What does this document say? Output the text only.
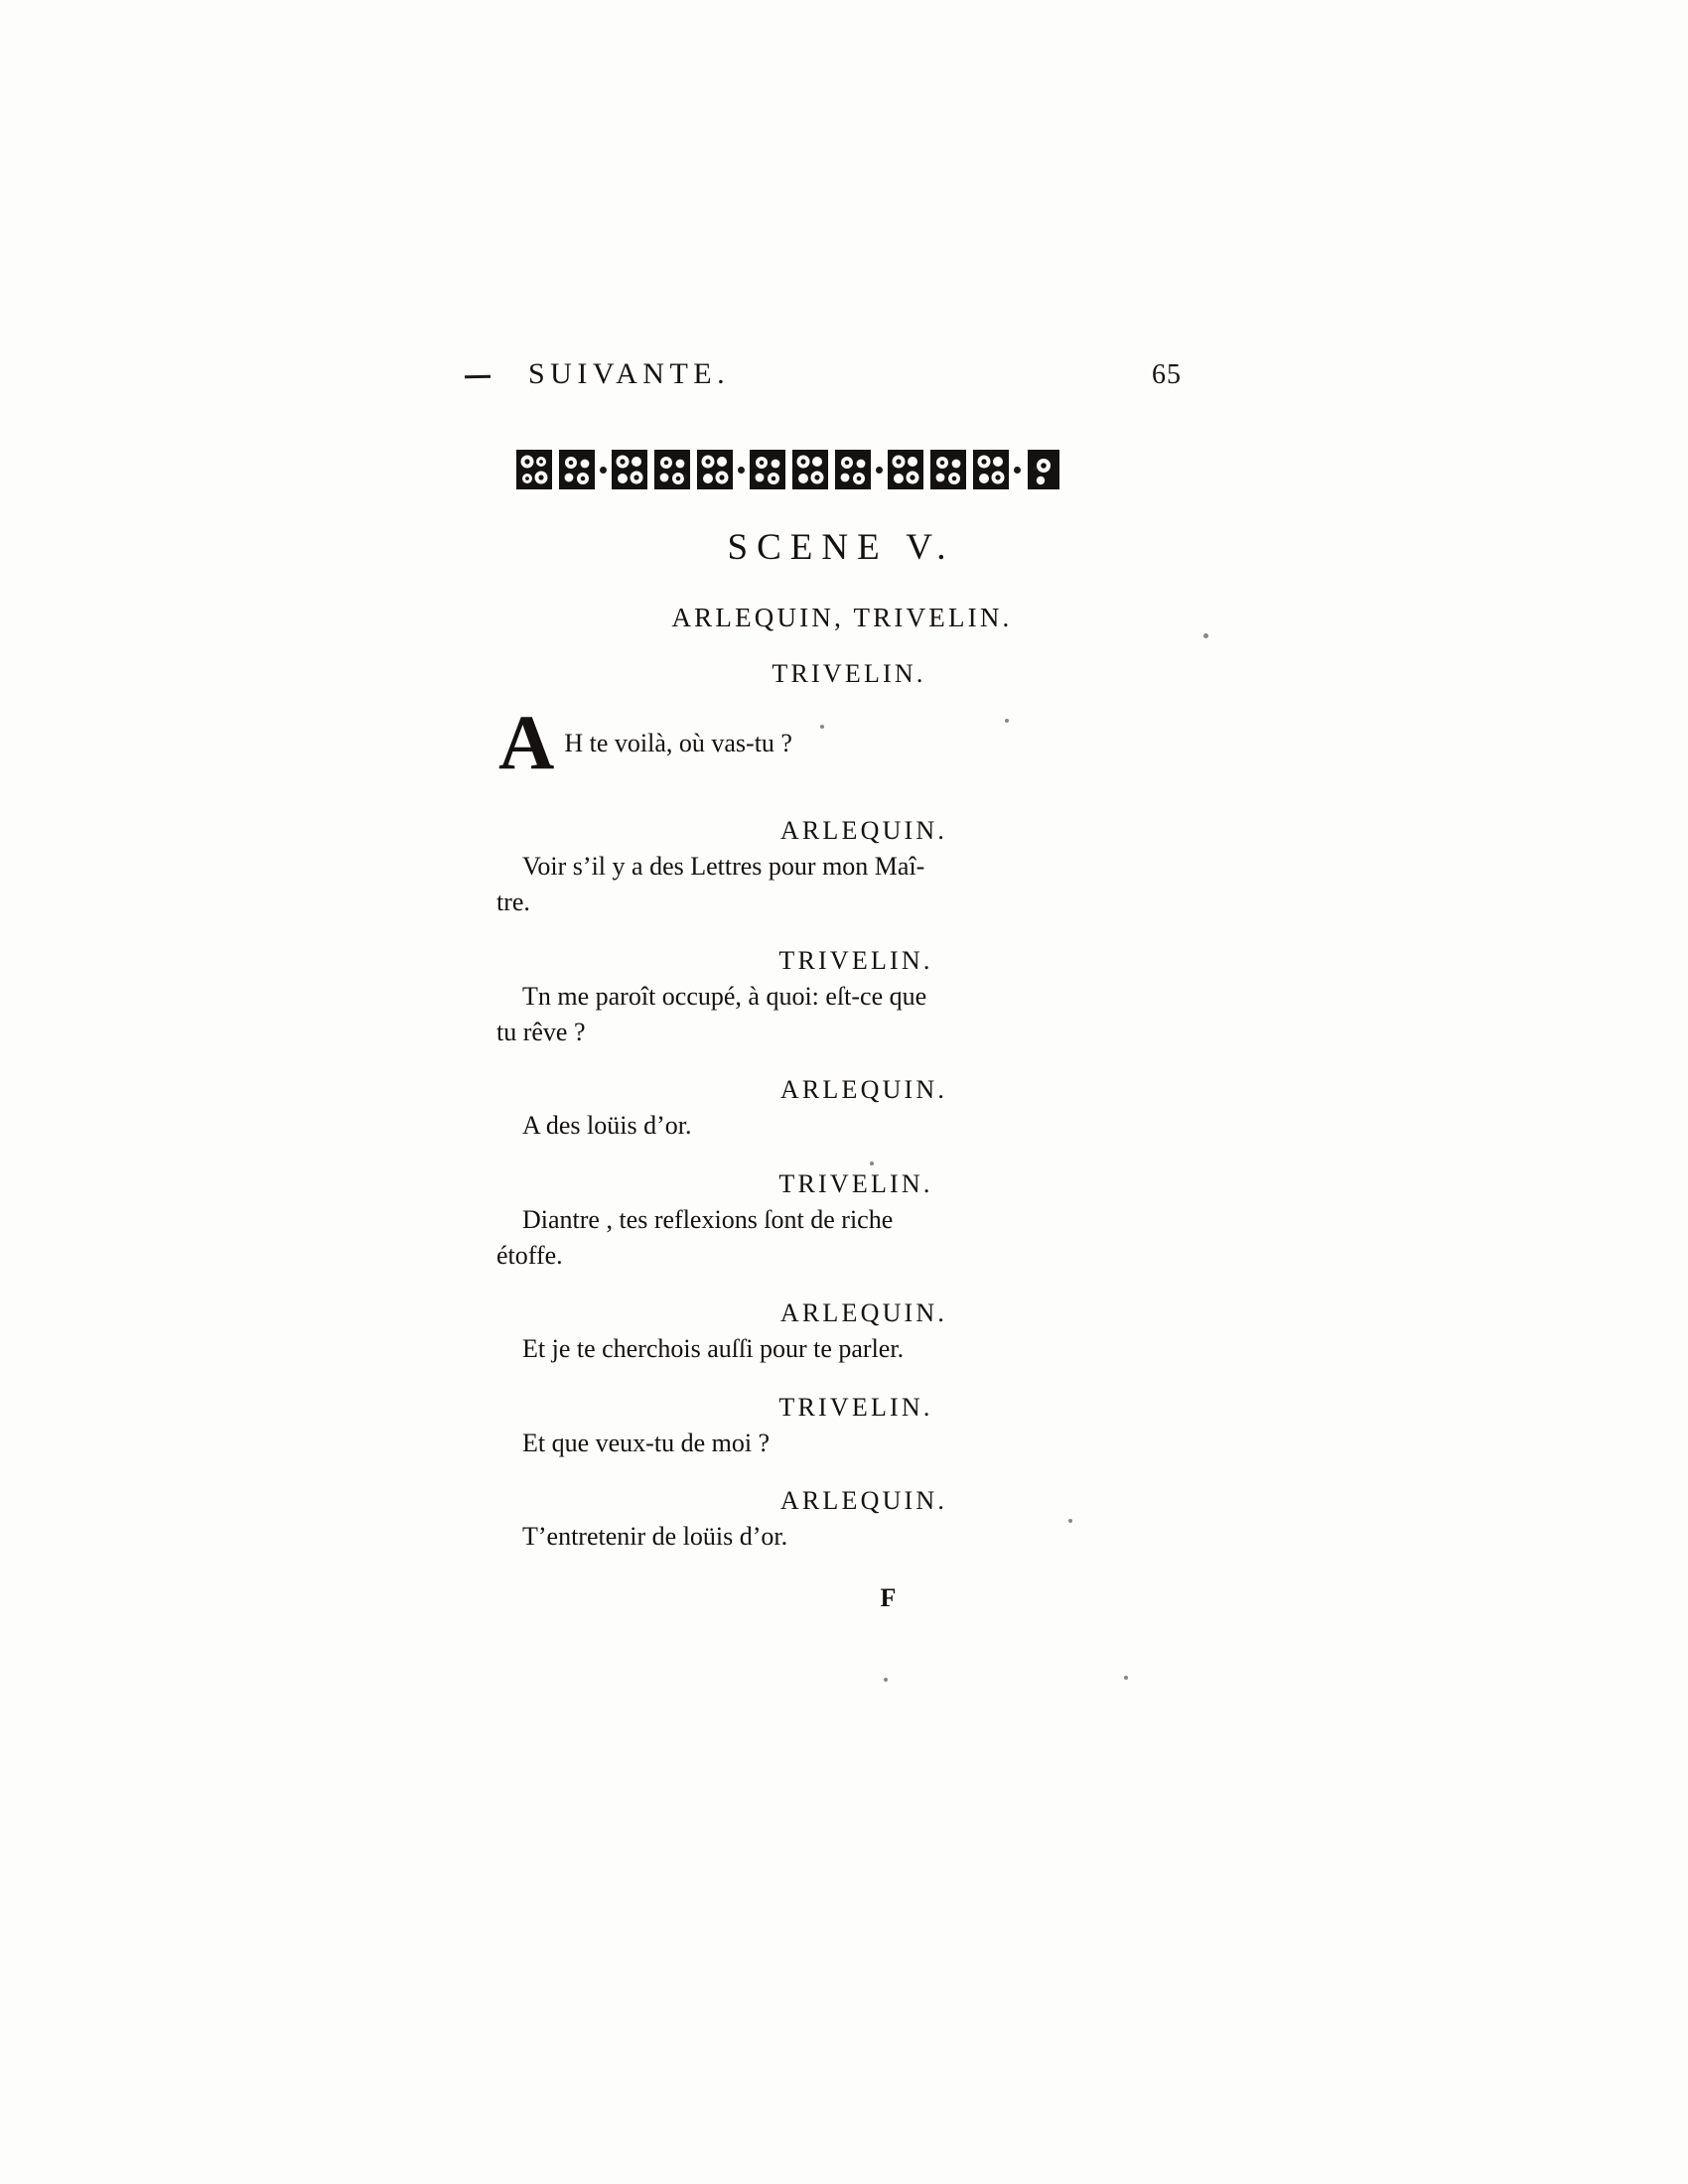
SUIVANTE.	65
SCENE V.
ARLEQUIN, TRIVELIN.
TRIVELIN.
A H te voilà, où vas-tu ?
ARLEQUIN.
Voir s’il y a des Lettres pour mon Maî-
tre.
TRIVELIN.
Tn me paroît occupé, à quoi: eſt-ce que
tu rêve ?
ARLEQUIN.
A des loüis d’or.
TRIVELIN.
Diantre , tes reflexions ſont de riche
étoffe.
ARLEQUIN.
Et je te cherchois auſſi pour te parler.
TRIVELIN.
Et que veux-tu de moi ?
ARLEQUIN.
T’entretenir de loüis d’or.
F
